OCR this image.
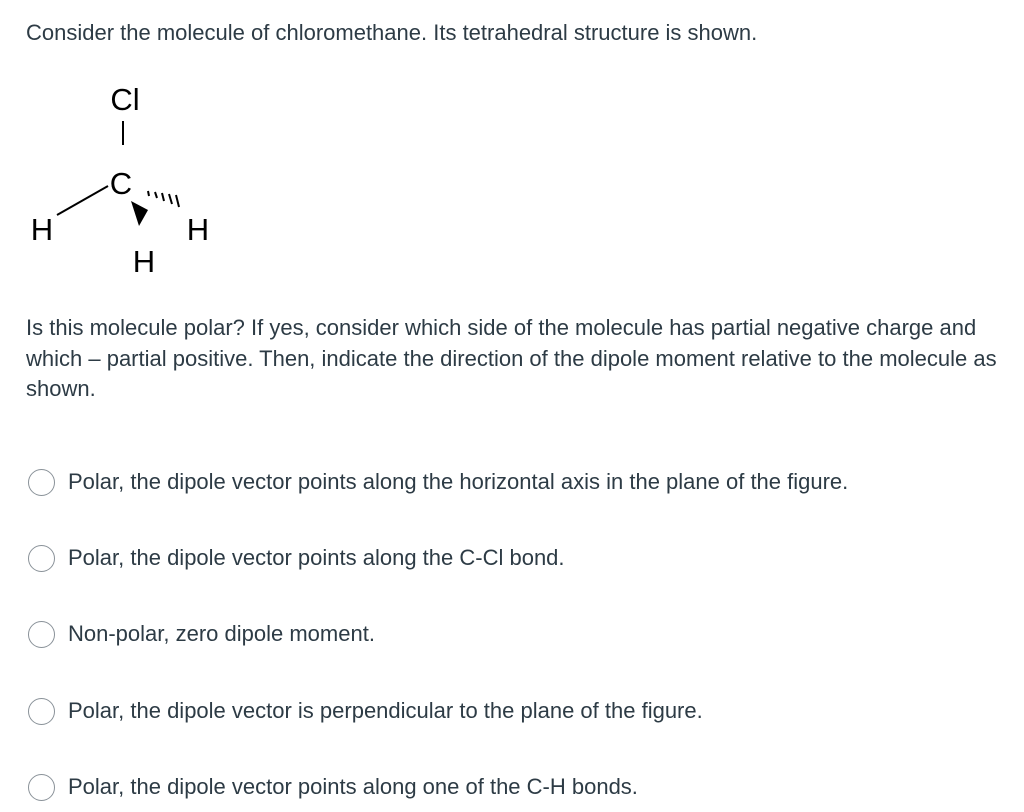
Consider the molecule of chloromethane. Its tetrahedral structure is shown.

Cl
C
H	H
H

Is this molecule polar? If yes, consider which side of the molecule has partial negative charge and which – partial positive. Then, indicate the direction of the dipole moment relative to the molecule as shown.

Polar, the dipole vector points along the horizontal axis in the plane of the figure.
Polar, the dipole vector points along the C-Cl bond.
Non-polar, zero dipole moment.
Polar, the dipole vector is perpendicular to the plane of the figure.
Polar, the dipole vector points along one of the C-H bonds.
